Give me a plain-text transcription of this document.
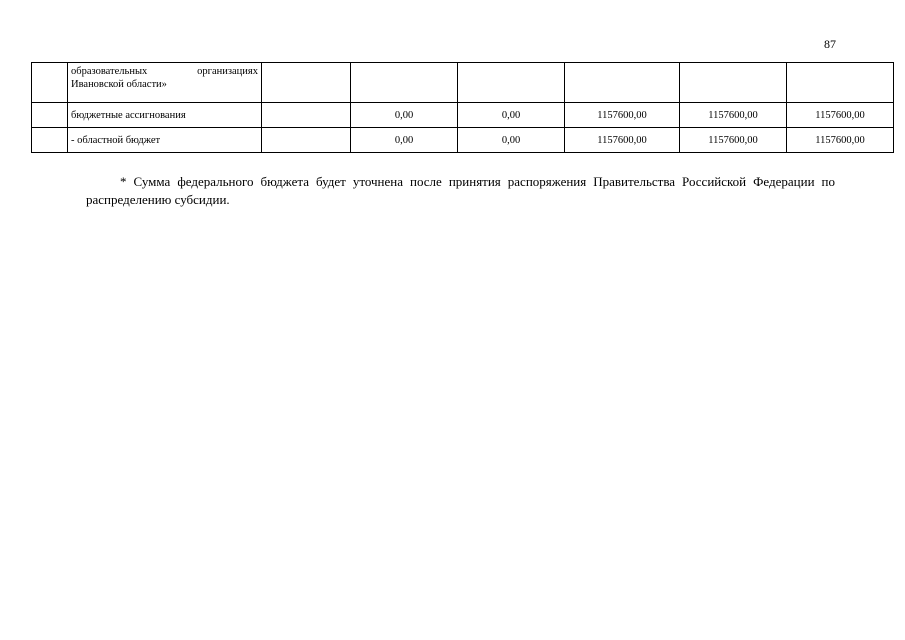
87
	образовательных организациях
Ивановской области»						

	бюджетные ассигнования		0,00	0,00	1157600,00	1157600,00	1157600,00
	- областной бюджет		0,00	0,00	1157600,00	1157600,00	1157600,00

* Сумма федерального бюджета будет уточнена после принятия распоряжения Правительства Российской Федерации по распределению субсидии.
